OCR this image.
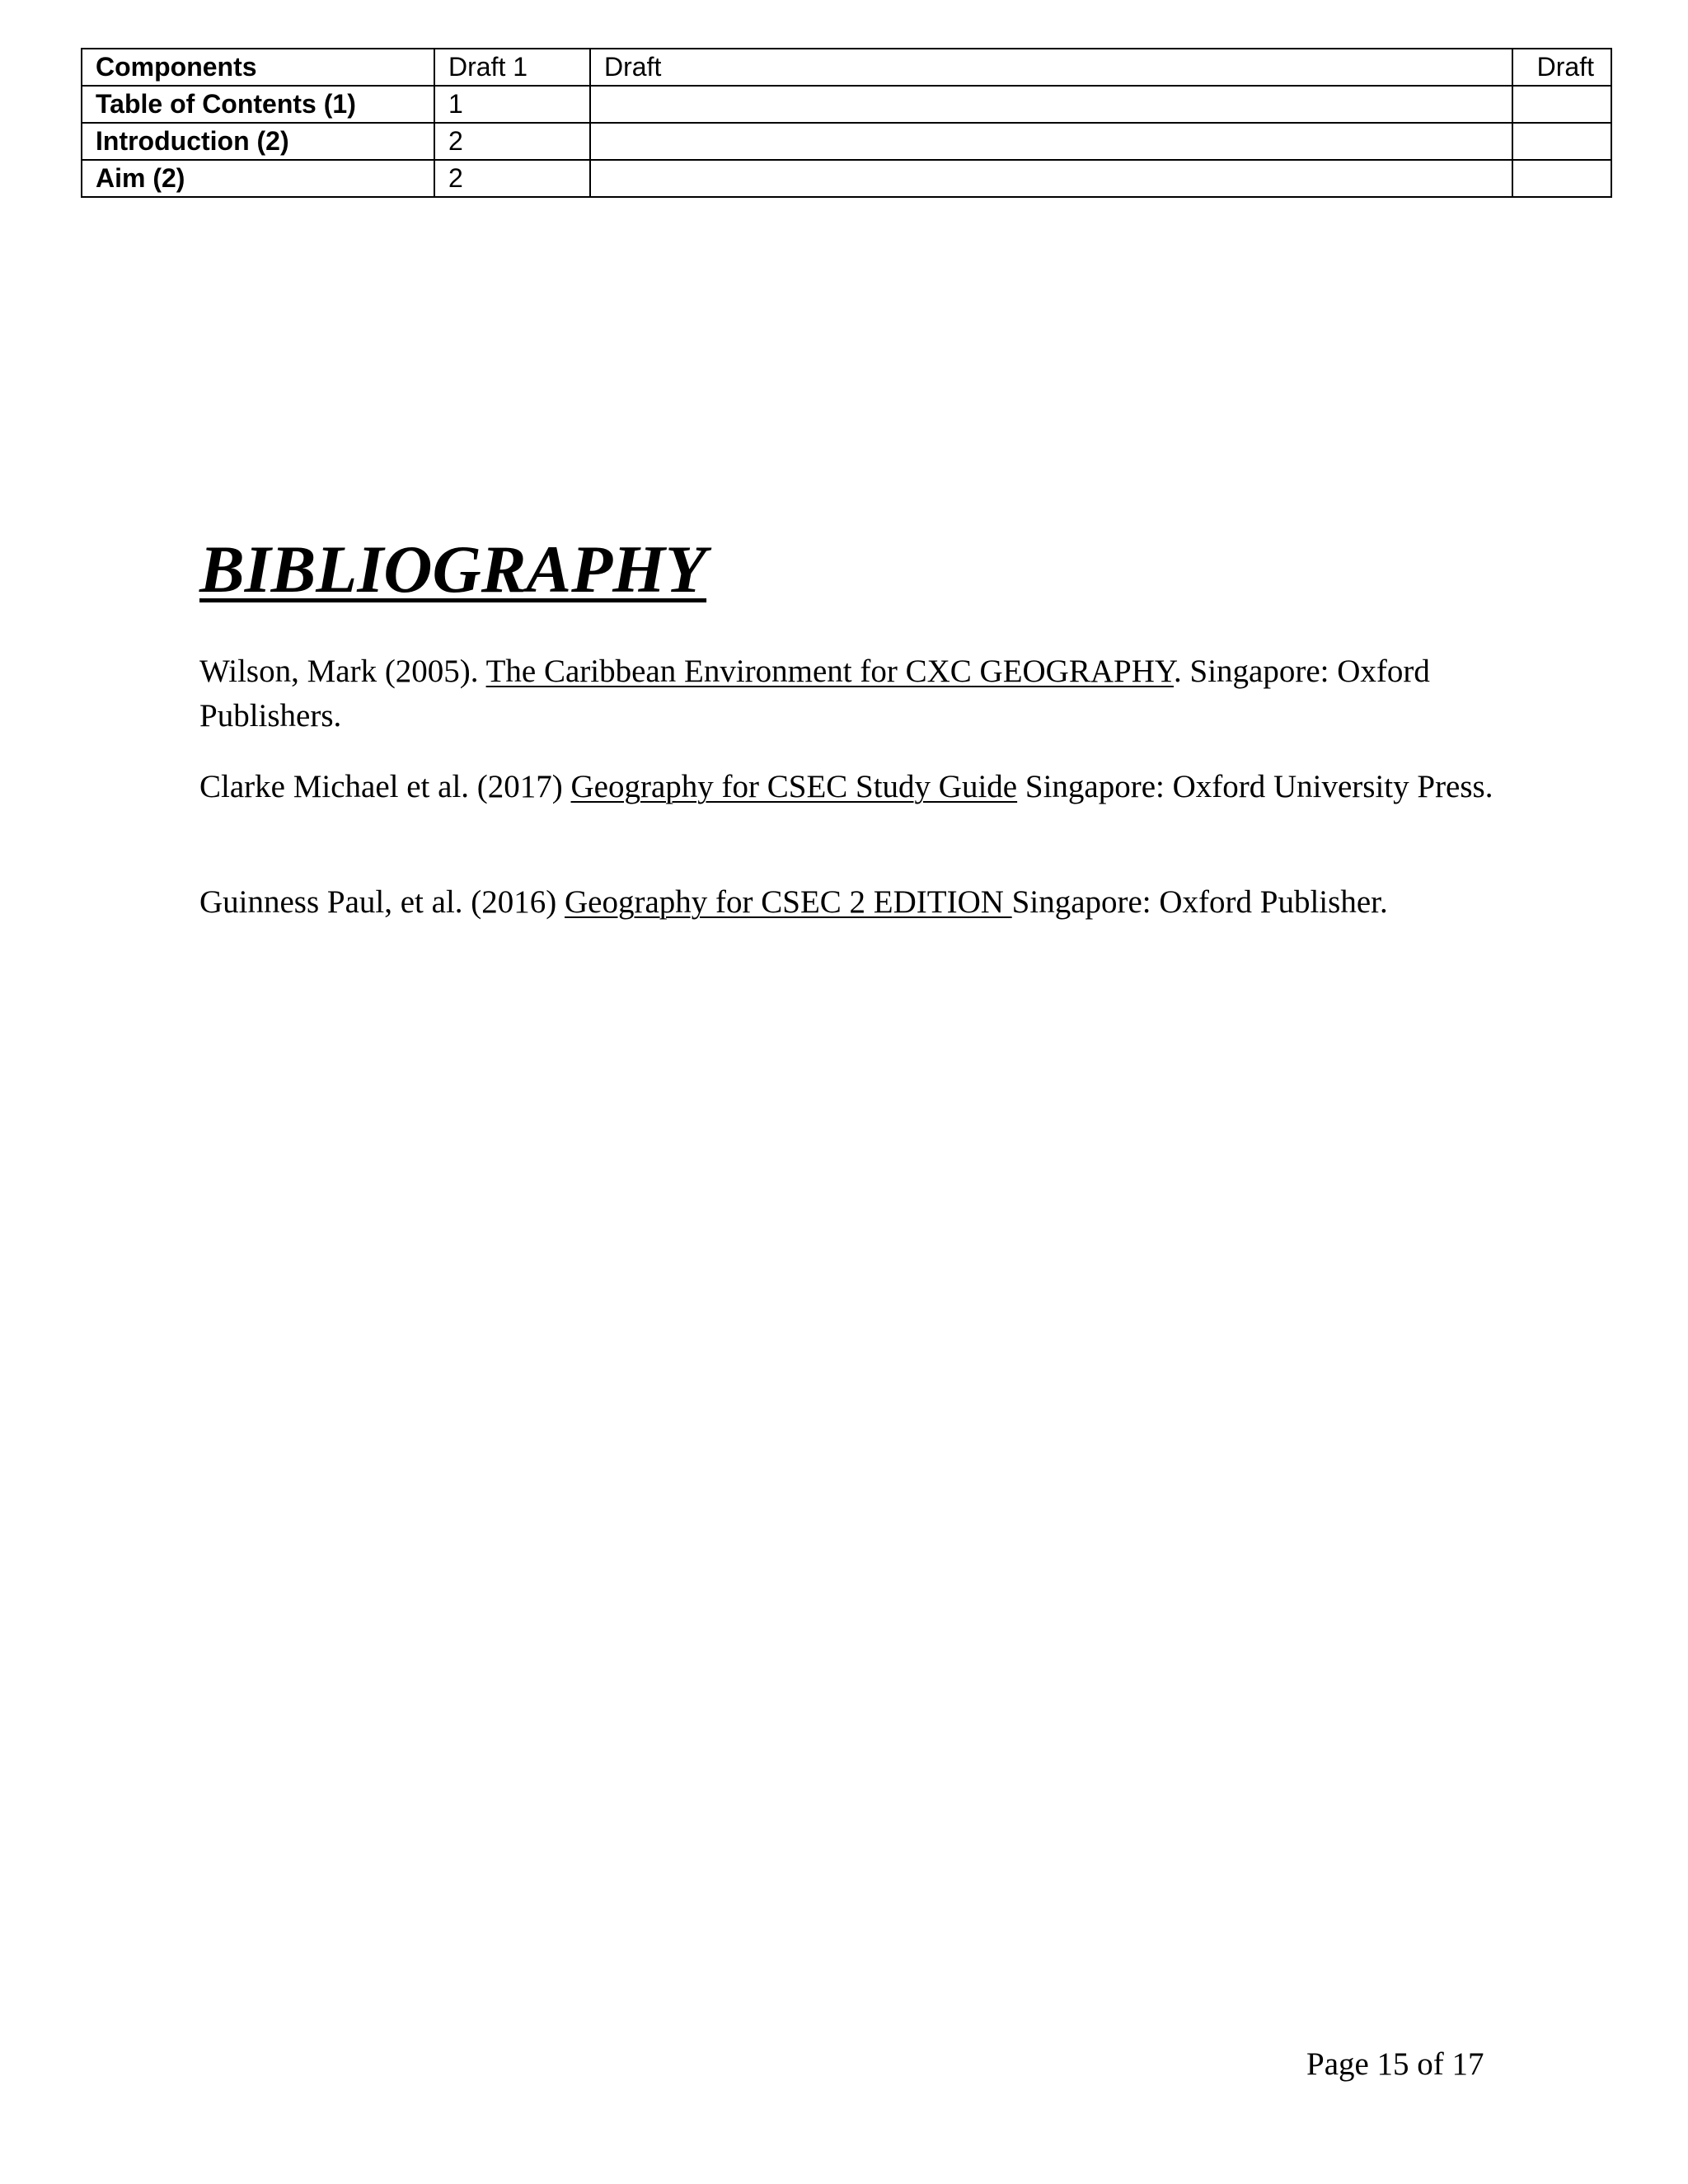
Components	Draft 1	Draft	Draft
Table of Contents (1)	1		
Introduction (2)	2		
Aim (2)	2		
BIBLIOGRAPHY

Wilson, Mark (2005). The Caribbean Environment for CXC GEOGRAPHY. Singapore: Oxford Publishers.

Clarke Michael et al. (2017) Geography for CSEC Study Guide Singapore: Oxford University Press.

Guinness Paul, et al. (2016) Geography for CSEC 2 EDITION Singapore: Oxford Publisher.

Page 15 of 17
